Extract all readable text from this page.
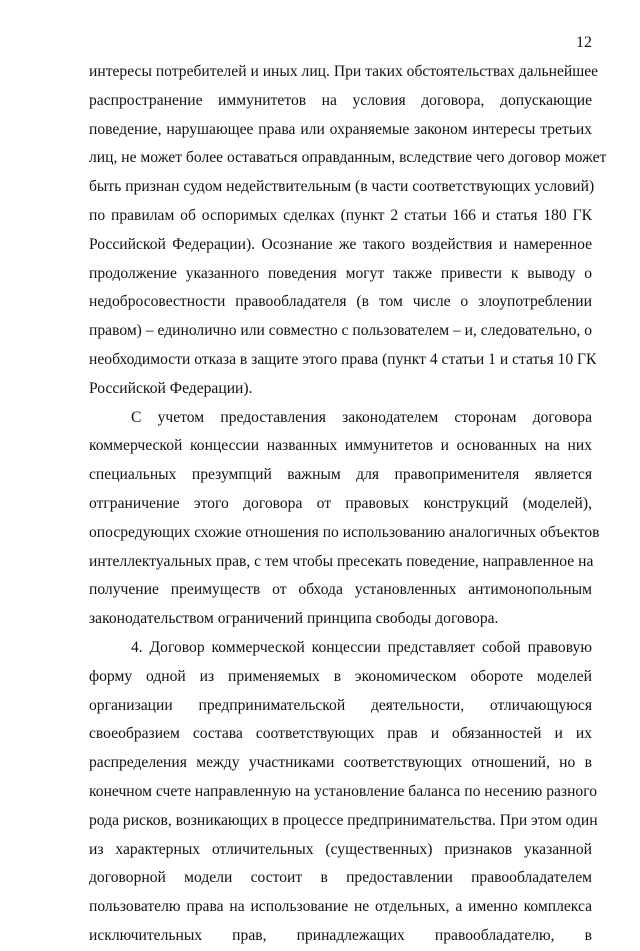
12
интересы потребителей и иных лиц. При таких обстоятельствах дальнейшее
распространение иммунитетов на условия договора, допускающие
поведение, нарушающее права или охраняемые законом интересы третьих
лиц, не может более оставаться оправданным, вследствие чего договор может
быть признан судом недействительным (в части соответствующих условий)
по правилам об оспоримых сделках (пункт 2 статьи 166 и статья 180 ГК
Российской Федерации). Осознание же такого воздействия и намеренное
продолжение указанного поведения могут также привести к выводу о
недобросовестности правообладателя (в том числе о злоупотреблении
правом) – единолично или совместно с пользователем – и, следовательно, о
необходимости отказа в защите этого права (пункт 4 статьи 1 и статья 10 ГК
Российской Федерации).
С учетом предоставления законодателем сторонам договора
коммерческой концессии названных иммунитетов и основанных на них
специальных презумпций важным для правоприменителя является
отграничение этого договора от правовых конструкций (моделей),
опосредующих схожие отношения по использованию аналогичных объектов
интеллектуальных прав, с тем чтобы пресекать поведение, направленное на
получение преимуществ от обхода установленных антимонопольным
законодательством ограничений принципа свободы договора.
4. Договор коммерческой концессии представляет собой правовую
форму одной из применяемых в экономическом обороте моделей
организации предпринимательской деятельности, отличающуюся
своеобразием состава соответствующих прав и обязанностей и их
распределения между участниками соответствующих отношений, но в
конечном счете направленную на установление баланса по несению разного
рода рисков, возникающих в процессе предпринимательства. При этом один
из характерных отличительных (существенных) признаков указанной
договорной модели состоит в предоставлении правообладателем
пользователю права на использование не отдельных, а именно комплекса
исключительных прав, принадлежащих правообладателю, в
